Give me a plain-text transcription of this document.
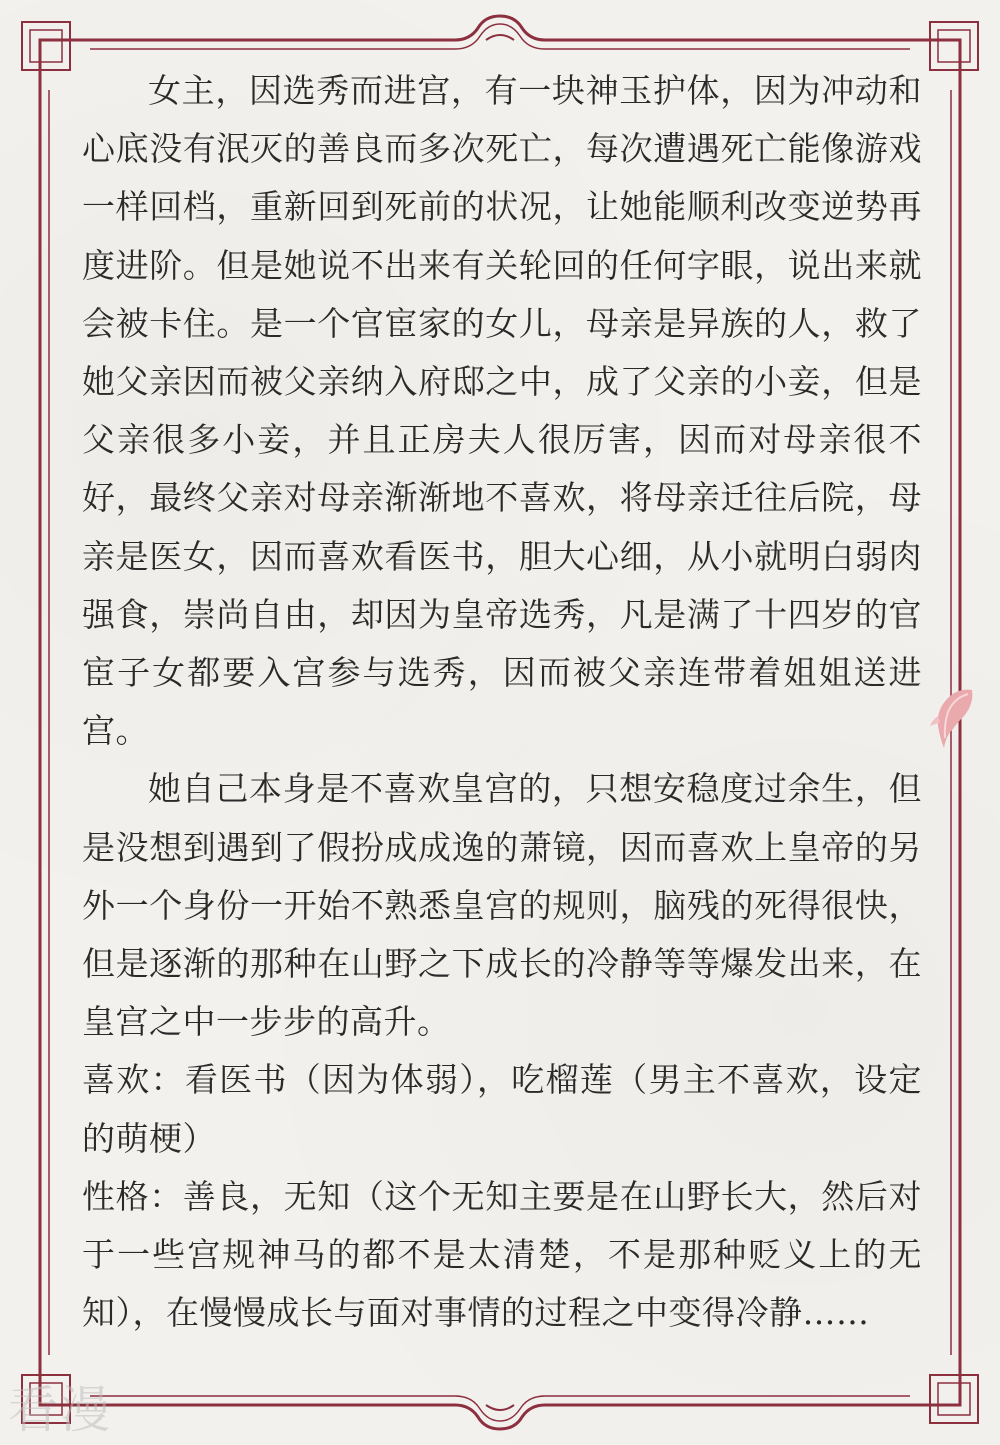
女主，因选秀而进宫，有一块神玉护体，因为冲动和心底没有泯灭的善良而多次死亡，每次遭遇死亡能像游戏一样回档，重新回到死前的状况，让她能顺利改变逆势再度进阶。但是她说不出来有关轮回的任何字眼，说出来就会被卡住。是一个官宦家的女儿，母亲是异族的人，救了她父亲因而被父亲纳入府邸之中，成了父亲的小妾，但是父亲很多小妾，并且正房夫人很厉害，因而对母亲很不好，最终父亲对母亲渐渐地不喜欢，将母亲迁往后院，母亲是医女，因而喜欢看医书，胆大心细，从小就明白弱肉强食，崇尚自由，却因为皇帝选秀，凡是满了十四岁的官宦子女都要入宫参与选秀，因而被父亲连带着姐姐送进宫。

她自己本身是不喜欢皇宫的，只想安稳度过余生，但是没想到遇到了假扮成成逸的萧镜，因而喜欢上皇帝的另外一个身份一开始不熟悉皇宫的规则，脑残的死得很快，但是逐渐的那种在山野之下成长的冷静等等爆发出来，在皇宫之中一步步的高升。

喜欢：看医书（因为体弱），吃榴莲（男主不喜欢，设定的萌梗）

性格：善良，无知（这个无知主要是在山野长大，然后对于一些宫规神马的都不是太清楚，不是那种贬义上的无知），在慢慢成长与面对事情的过程之中变得冷静……

看漫
